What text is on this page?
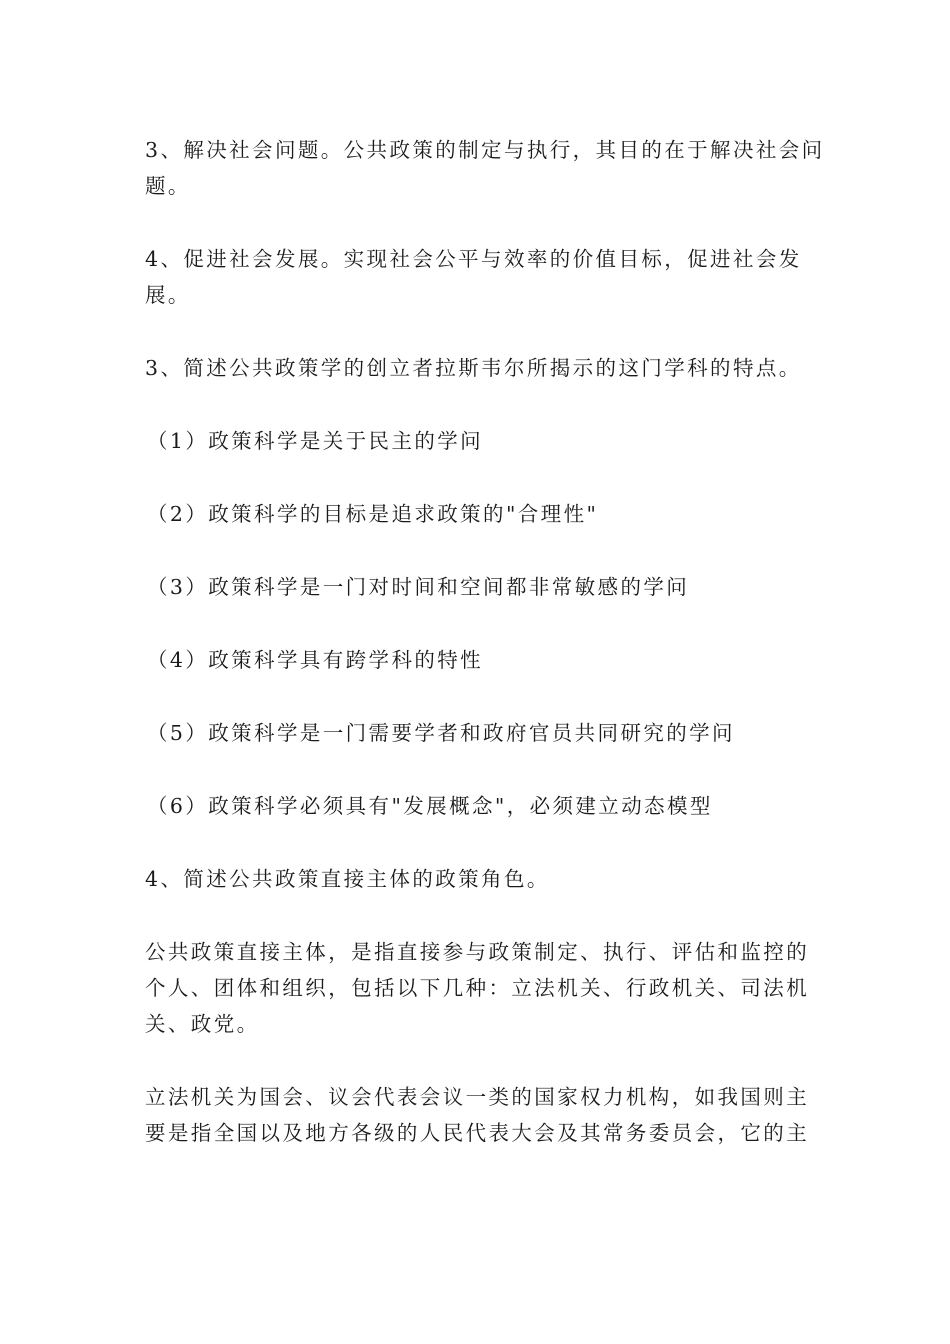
3、解决社会问题。公共政策的制定与执行，其目的在于解决社会问题。

4、促进社会发展。实现社会公平与效率的价值目标，促进社会发展。

3、简述公共政策学的创立者拉斯韦尔所揭示的这门学科的特点。

（1）政策科学是关于民主的学问

（2）政策科学的目标是追求政策的"合理性"

（3）政策科学是一门对时间和空间都非常敏感的学问

（4）政策科学具有跨学科的特性

（5）政策科学是一门需要学者和政府官员共同研究的学问

（6）政策科学必须具有"发展概念"，必须建立动态模型

4、简述公共政策直接主体的政策角色。

公共政策直接主体，是指直接参与政策制定、执行、评估和监控的个人、团体和组织，包括以下几种：立法机关、行政机关、司法机关、政党。

立法机关为国会、议会代表会议一类的国家权力机构，如我国则主要是指全国以及地方各级的人民代表大会及其常务委员会，它的主
